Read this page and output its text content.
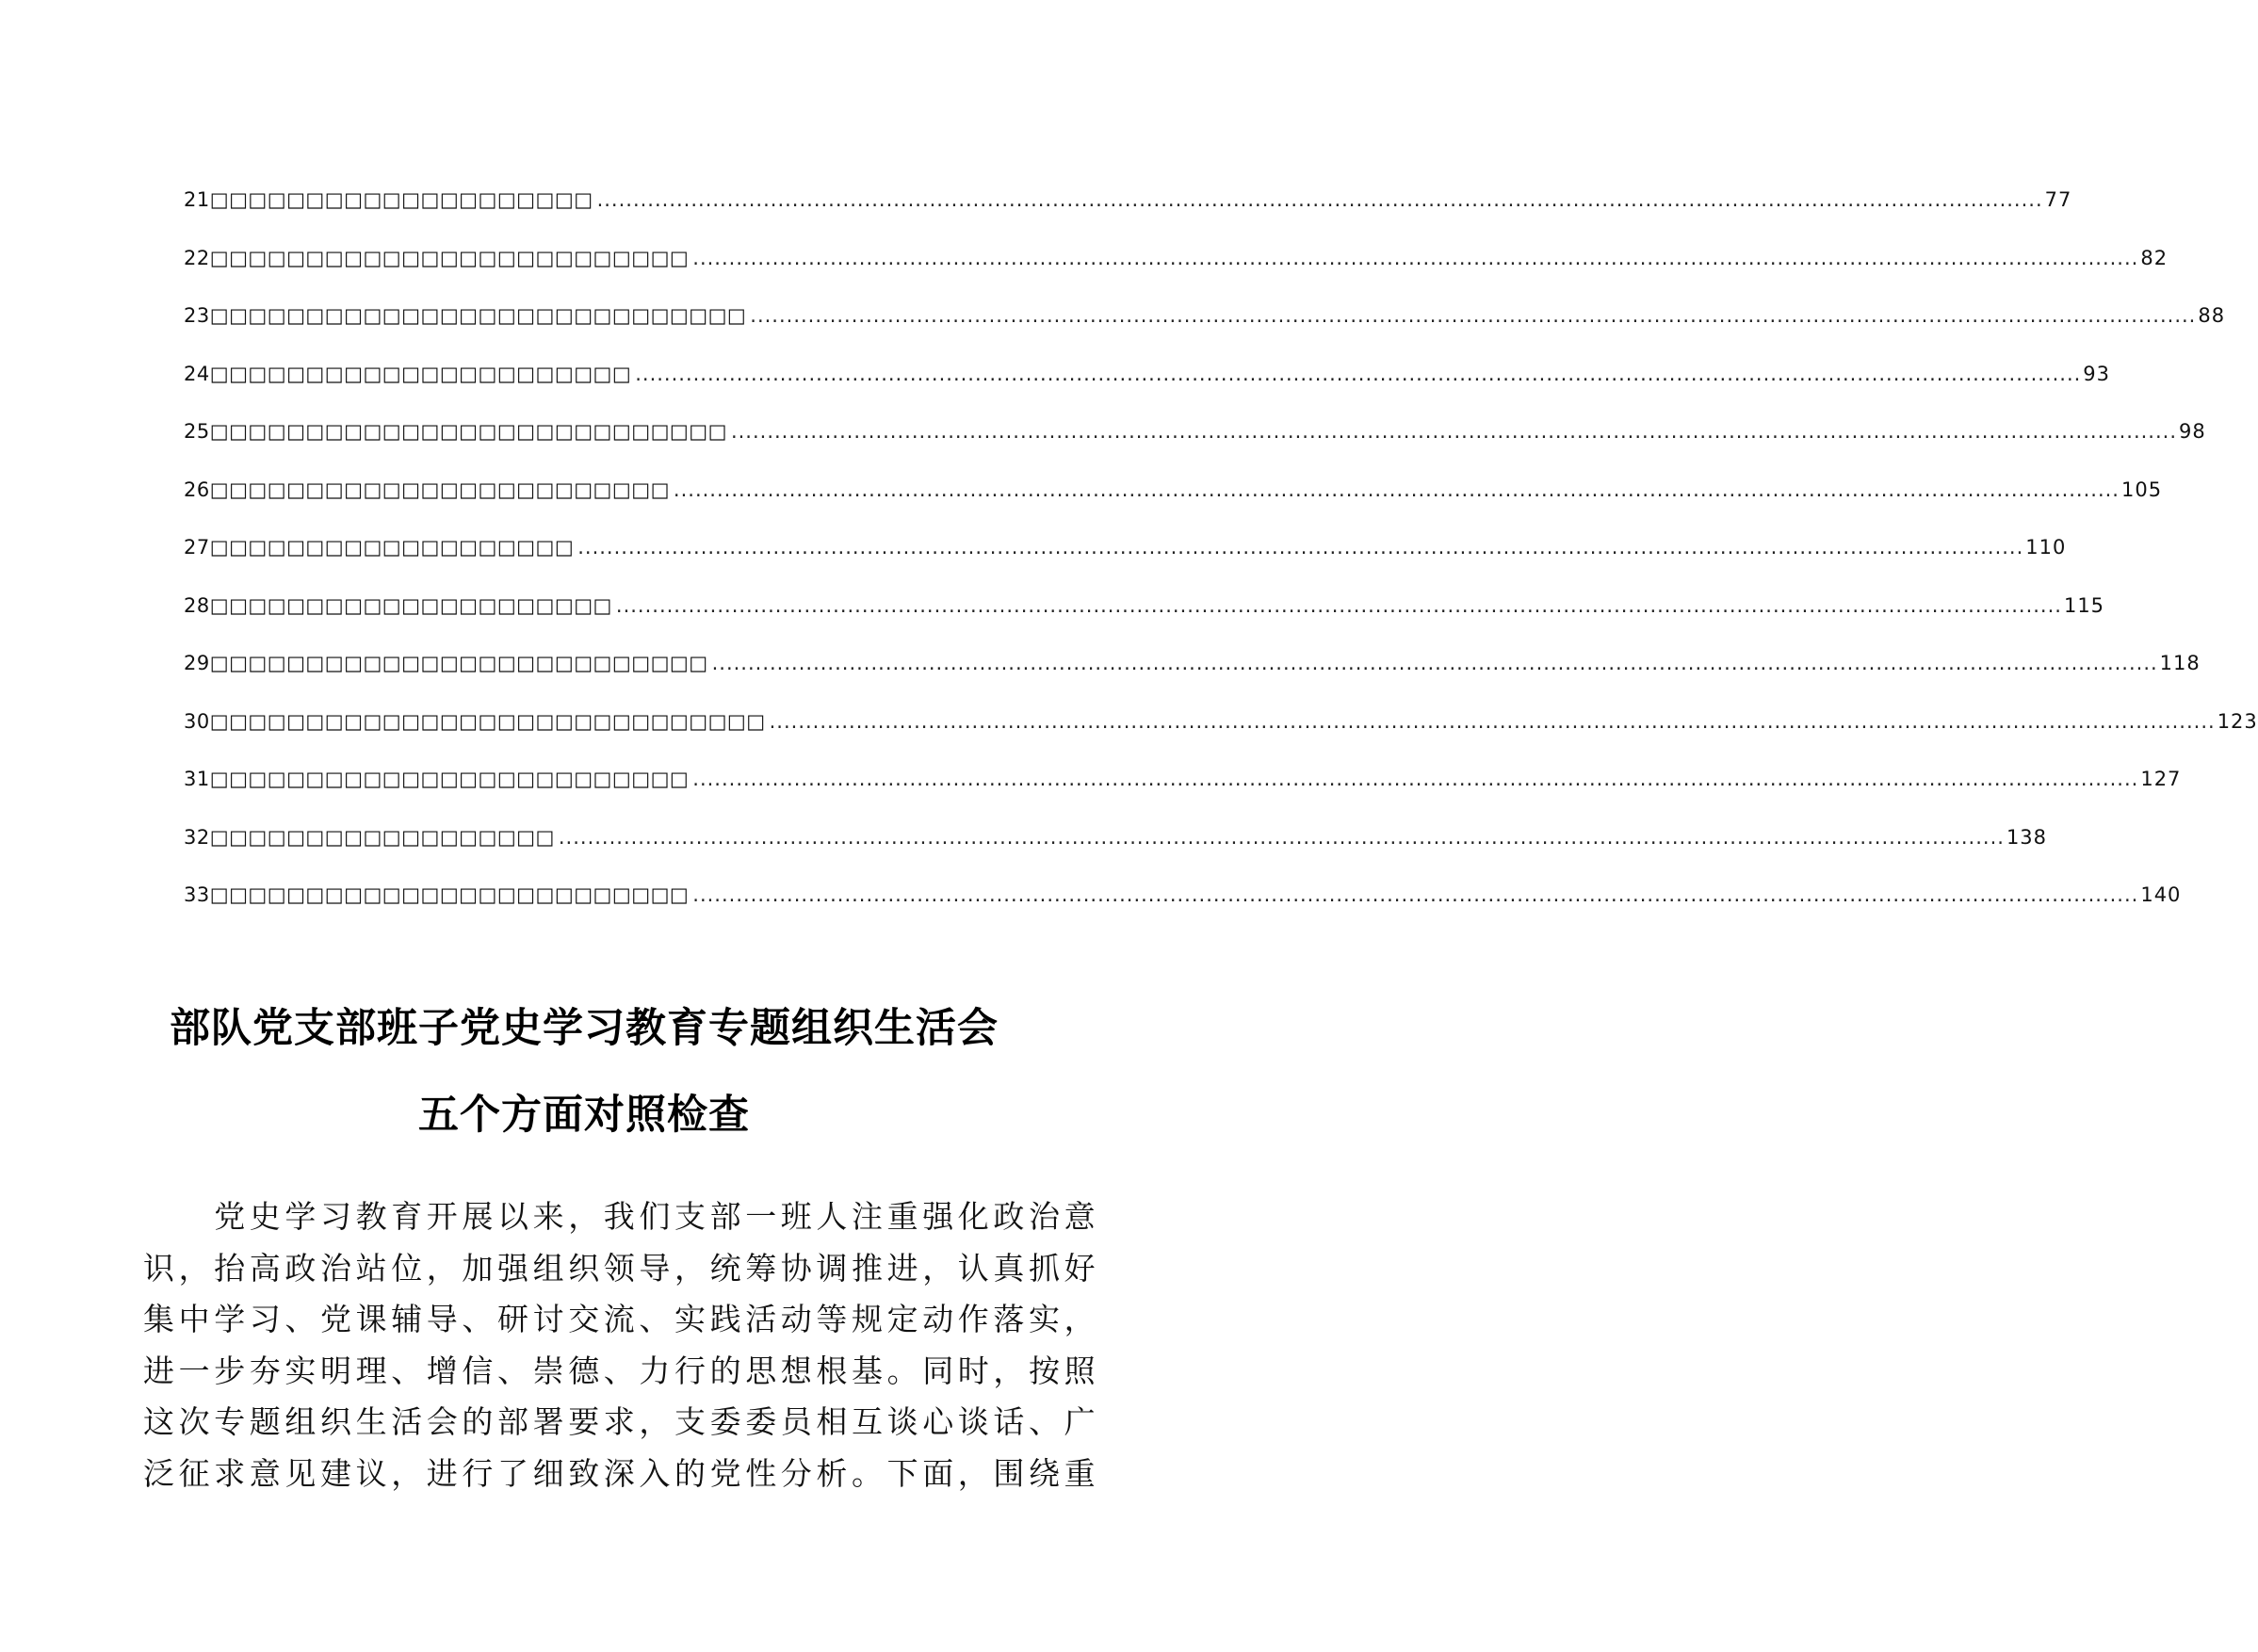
21□□□□□□□□□□□□□□□□□□□□ ........................................................................................................................................................................................................ 77
22□□□□□□□□□□□□□□□□□□□□□□□□□ ........................................................................................................................................................................................................ 82
23□□□□□□□□□□□□□□□□□□□□□□□□□□□□ ........................................................................................................................................................................................................ 88
24□□□□□□□□□□□□□□□□□□□□□□ ........................................................................................................................................................................................................ 93
25□□□□□□□□□□□□□□□□□□□□□□□□□□□ ........................................................................................................................................................................................................ 98
26□□□□□□□□□□□□□□□□□□□□□□□□ ........................................................................................................................................................................................................ 105
27□□□□□□□□□□□□□□□□□□□ ........................................................................................................................................................................................................ 110
28□□□□□□□□□□□□□□□□□□□□□ ........................................................................................................................................................................................................ 115
29□□□□□□□□□□□□□□□□□□□□□□□□□□ ........................................................................................................................................................................................................ 118
30□□□□□□□□□□□□□□□□□□□□□□□□□□□□□ ........................................................................................................................................................................................................ 123
31□□□□□□□□□□□□□□□□□□□□□□□□□ ........................................................................................................................................................................................................ 127
32□□□□□□□□□□□□□□□□□□ ........................................................................................................................................................................................................ 138
33□□□□□□□□□□□□□□□□□□□□□□□□□ ........................................................................................................................................................................................................ 140
部队党支部班子党史学习教育专题组织生活会
五个方面对照检查
　　党史学习教育开展以来，我们支部一班人注重强化政治意
识，抬高政治站位，加强组织领导，统筹协调推进，认真抓好
集中学习、党课辅导、研讨交流、实践活动等规定动作落实，
进一步夯实明理、增信、崇德、力行的思想根基。同时，按照
这次专题组织生活会的部署要求，支委委员相互谈心谈话、广
泛征求意见建议，进行了细致深入的党性分析。下面，围绕重
